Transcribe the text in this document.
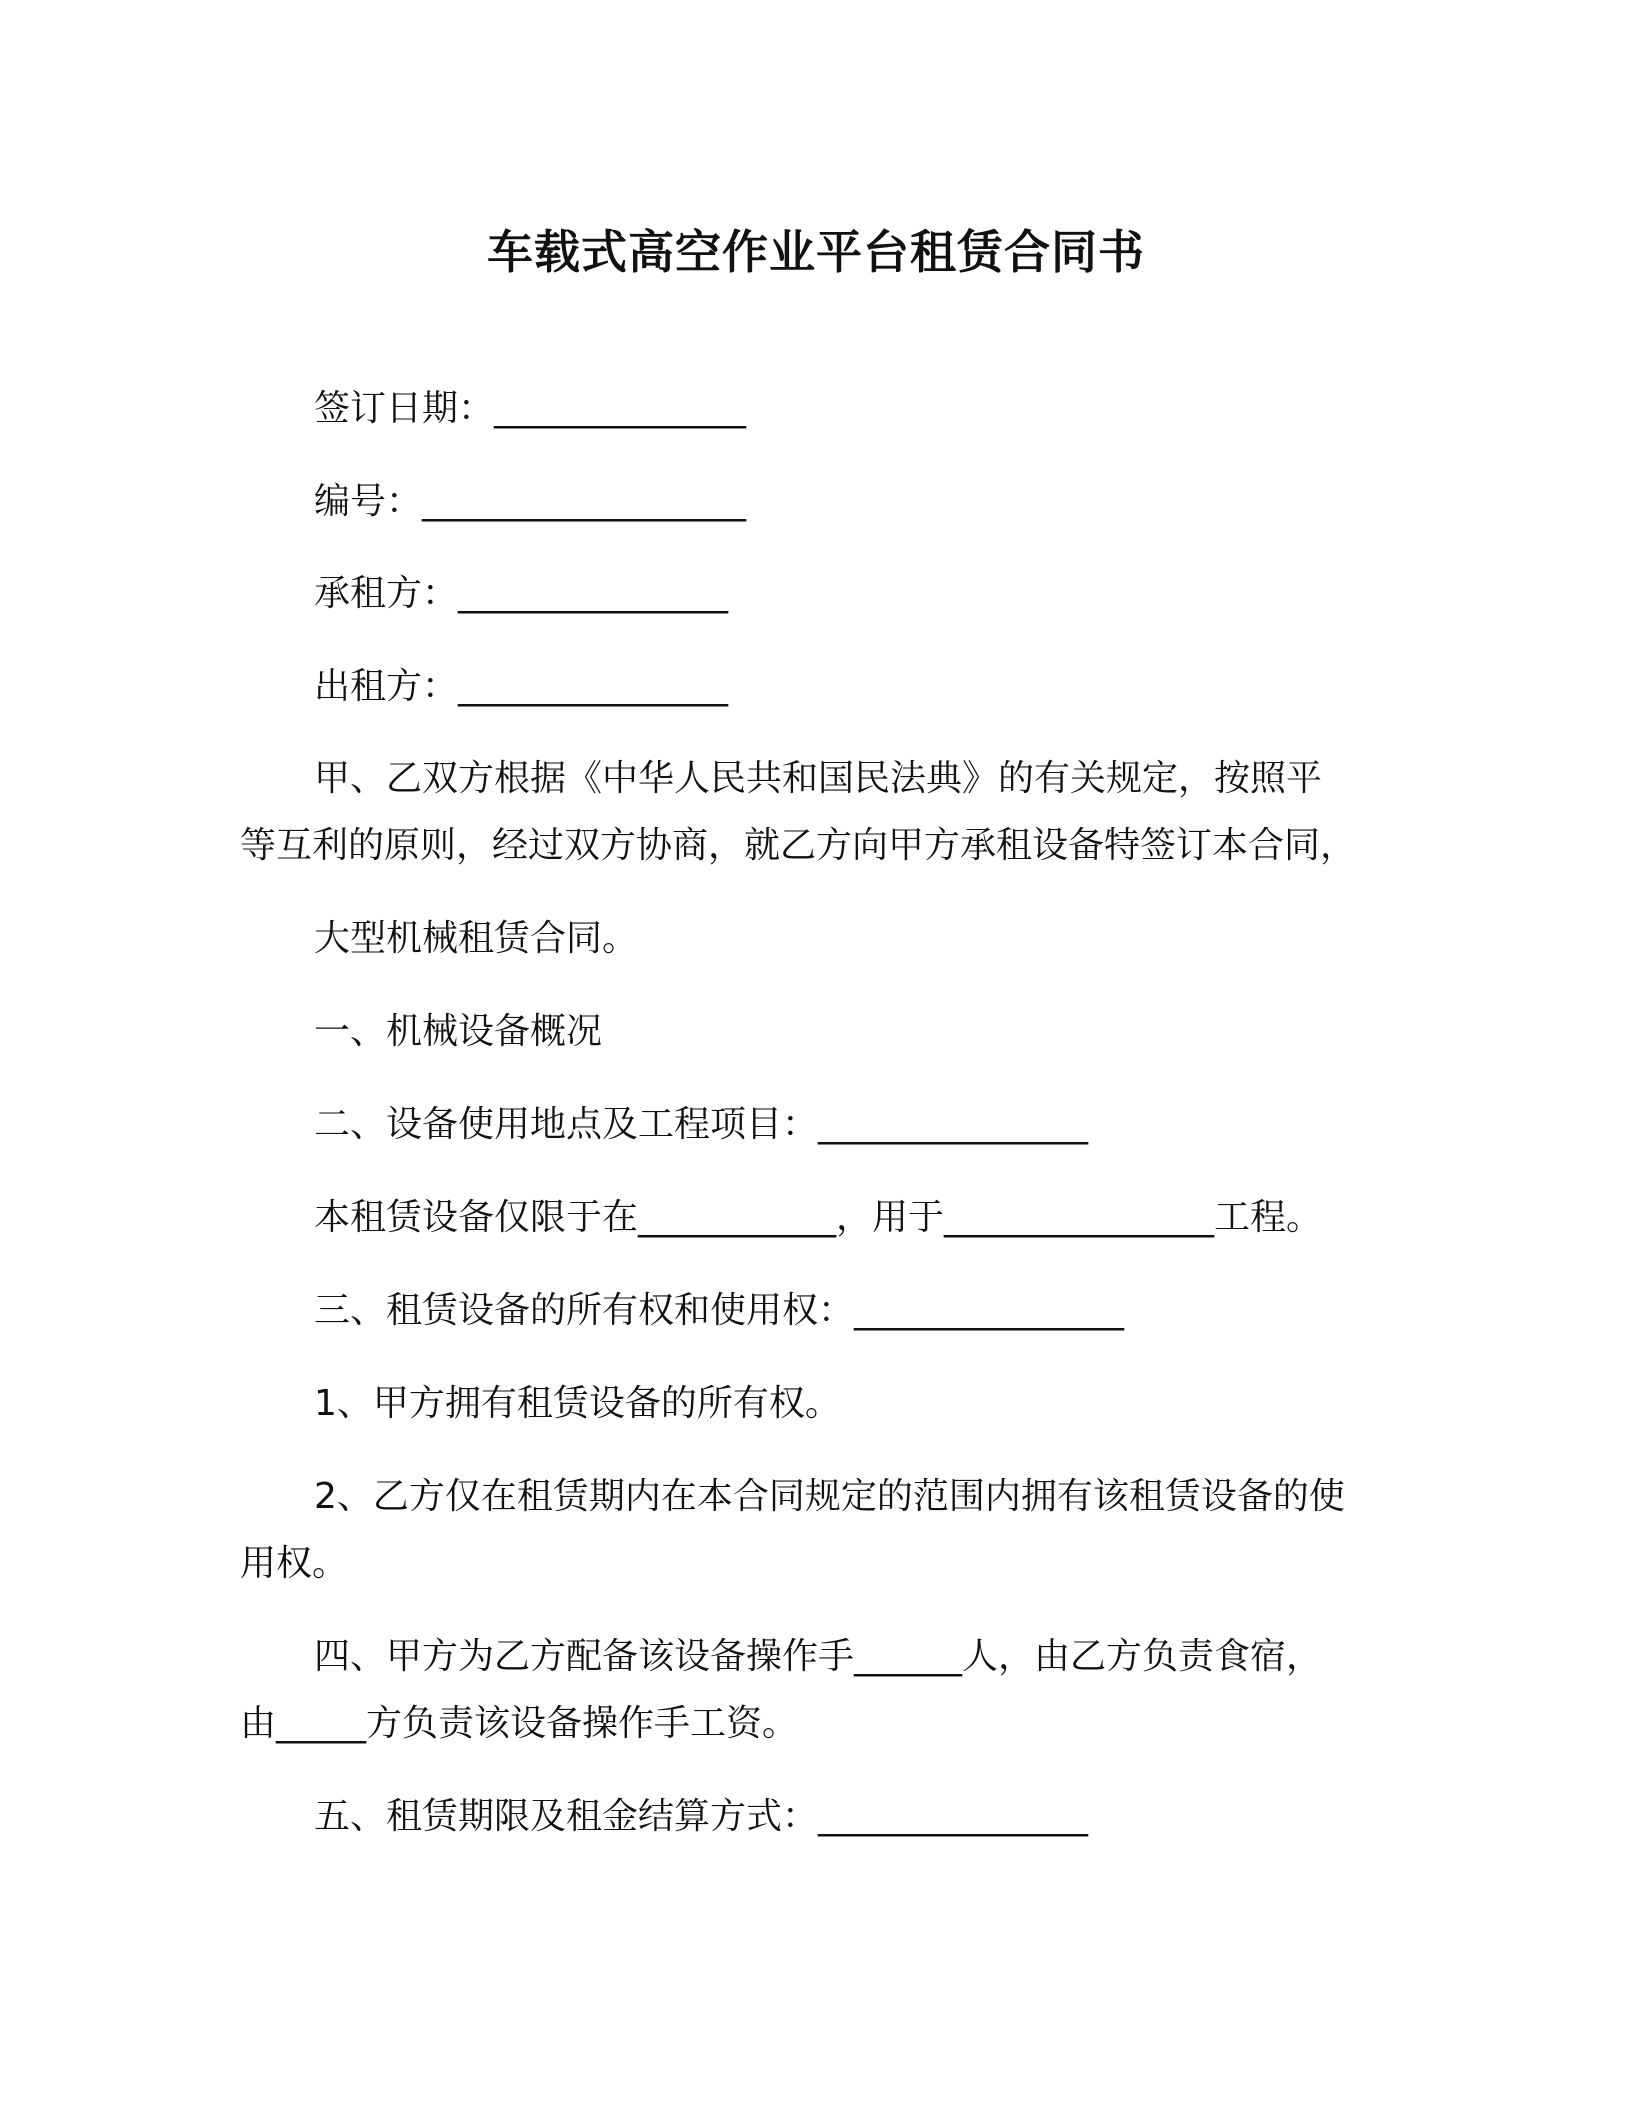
车载式高空作业平台租赁合同书
签订日期：______________
编号：__________________
承租方：_______________
出租方：_______________
甲、乙双方根据《中华人民共和国民法典》的有关规定，按照平
等互利的原则，经过双方协商，就乙方向甲方承租设备特签订本合同，
大型机械租赁合同。
一、机械设备概况
二、设备使用地点及工程项目：_______________
本租赁设备仅限于在___________，用于_______________工程。
三、租赁设备的所有权和使用权：_______________
1、甲方拥有租赁设备的所有权。
2、乙方仅在租赁期内在本合同规定的范围内拥有该租赁设备的使
用权。
四、甲方为乙方配备该设备操作手______人，由乙方负责食宿，
由_____方负责该设备操作手工资。
五、租赁期限及租金结算方式：_______________
